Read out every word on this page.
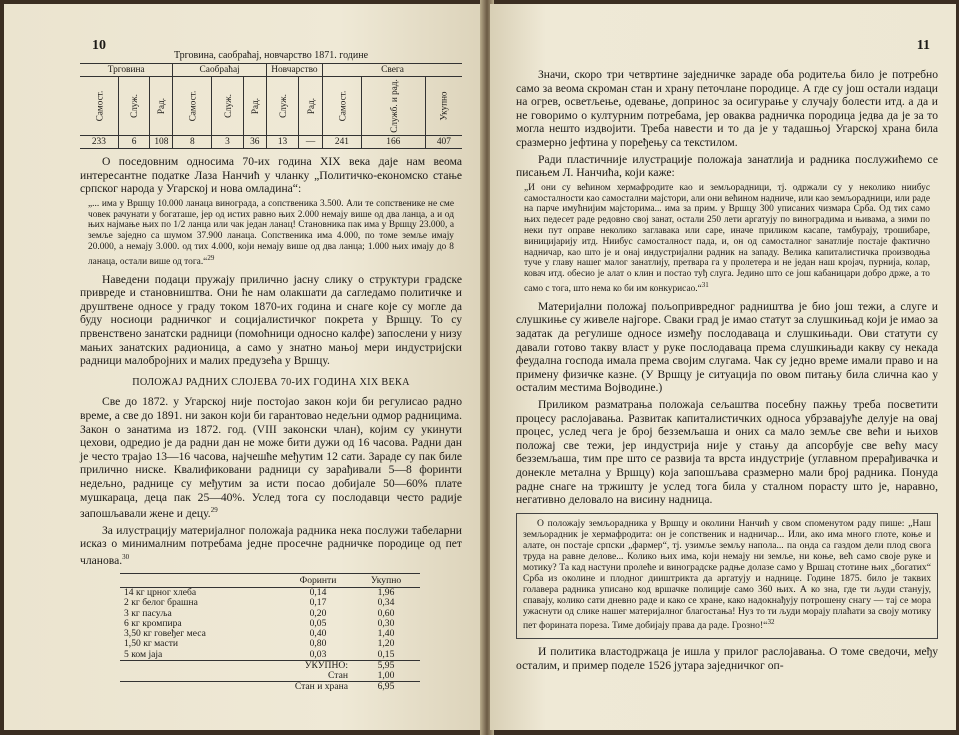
10
Трговина, саобраћај, новчарство 1871. године
Трговина			Саобраћај			Новчарство		Свега		
Самост.	Служ.	Рад.	Самост.	Служ.	Рад.	Служ.	Рад.	Самост.	Служб. и рад.	Укупно
233	6	108	8	3	36	13	—	241	166	407

О поседовним односима 70-их година XIX века даје нам веома интересантне податке Лаза Нанчић у чланку „Политичко-економско стање српског народа у Угарској и нова омладина“:

„... има у Вршцу 10.000 ланаца винограда, а сопственика 3.500. Али те сопственике не сме човек рачунати у богаташе, јер од истих равно њих 2.000 немају више од два ланца, а и од њих најмање њих по 1/2 ланца или чак један ланац! Становника пак има у Вршцу 23.000, а земље заједно са шумом 37.900 ланаца. Сопственика има 4.000, по томе земље имају 20.000, а немају 3.000. од тих 4.000, који немају више од два ланца; 1.000 њих имају до 8 ланаца, остали више од тога.“$^{29}$

Наведени подаци пружају прилично јасну слику о структури градске привреде и становништва. Они ће нам олакшати да сагледамо политичке и друштвене односе у граду током 1870-их година и снаге које су могле да буду носиоци радничког и социјалистичког покрета у Вршцу. То су првенствено занатски радници (помоћници односно калфе) запослени у низу мањих занатских радионица, а само у знатно мањој мери индустријски радници малобројних и малих предузећа у Вршцу.

ПОЛОЖАЈ РАДНИХ СЛОЈЕВА 70-ИХ ГОДИНА XIX ВЕКА

Све до 1872. у Угарској није постојао закон који би регулисао радно време, а све до 1891. ни закон који би гарантовао недељни одмор радницима. Закон о занатима из 1872. год. (VIII законски члан), којим су укинути цехови, одредио је да радни дан не може бити дужи од 16 часова. Радни дан је често трајао 13—16 часова, најчешће међутим 12 сати. Зараде су пак биле прилично ниске. Квалификовани радници су зарађивали 5—8 форинти недељно, раднице су међутим за исти посао добијале 50—60% плате мушкараца, деца пак 25—40%. Услед тога су послодавци често радије запошљавали жене и децу.$^{29}$

За илустрацију материјалног положаја радника нека послужи табеларни исказ о минималним потребама једне просечне радничке породице од пет чланова.$^{30}$

	Форинти	Укупно
14 кг црног хлеба	0,14	1,96
2 кг белог брашна	0,17	0,34
3 кг пасуља	0,20	0,60
6 кг кромпира	0,05	0,30
3,50 кг говеђег меса	0,40	1,40
1,50 кг масти	0,80	1,20
5 ком јаја	0,03	0,15
УКУПНО:		5,95
Стан		1,00
Стан и храна		6,95
11

Значи, скоро три четвртине заједничке зараде оба родитеља било је потребно само за веома скроман стан и храну петочлане породице. А где су још остали издаци на огрев, осветљење, одевање, допринос за осигурање у случају болести итд. а да и не говоримо о културним потребама, јер оваква радничка породица једва да је за то могла нешто издвојити. Треба навести и то да је у тадашњој Угарској храна била сразмерно јефтина у поређењу са текстилом.

Ради пластичније илустрације положаја занатлија и радника послужићемо се писањем Л. Нанчића, који каже:

„И они су већином хермафродите као и земљорадници, тј. одржали су у неколико ниибус самосталности као самостални мајстори, али они већином надниче, или као земљорадници, или раде на парче имућнијим мајсторима... има за прим. у Вршцу 300 уписаних чизмара Срба. Од тих само њих педесет раде редовно свој занат, остали 250 лети аргатују по виноградима и њивама, а зими по неки пут оправе неколико заглавака или саре, иначе приликом касапе, тамбурају, трошибаре, виницијарију итд. Ниибус самосталност пада, и, он од самосталног занатлије постаје фактично надничар, као што је и онај индустријални радник на западу. Велика капиталистичка производња туче у главу нашег малог занатлију, претвара га у пролетера и не један наш кројач, пурнија, колар, ковач итд. обесио је алат о клин и постао туђ слуга. Једино што се још кабаницари добро држе, а то само с тога, што нема ко би им конкурисао.“$^{31}$

Материјални положај пољопривредног радништва је био још тежи, а слуге и слушкиње су живеле најгоре. Сваки град је имао статут за слушкињад који је имао за задатак да регулише односе између послодаваца и слушкињади. Ови статути су давали готово такву власт у руке послодаваца према слушкињади какву су некада феудална господа имала према својим слугама. Чак су једно време имали право и на примену физичке казне. (У Вршцу је ситуација по овом питању била слична као у осталим местима Војводине.)

Приликом разматрања положаја сељаштва посебну пажњу треба посветити процесу раслојавања. Развитак капиталистичких односа убрзавајуће делује на овај процес, услед чега је број безземљаша и оних са мало земље све већи и њихов положај све тежи, јер индустрија није у стању да апсорбује све већу масу безземљаша, тим пре што се развија та врста индустрије (углавном прерађивачка и донекле метална у Вршцу) која запошљава сразмерно мали број радника. Понуда радне снаге на тржишту је услед тога била у сталном порасту што је, наравно, негативно деловало на висину надница.

О положају земљорадника у Вршцу и околини Нанчић у свом споменутом раду пише: „Наш земљорадник је хермафродита: он је сопственик и надничар... Или, ако има много глоте, коње и алате, он постаје српски „фармер“, тј. узимље земљу напола... па онда са газдом дели плод свога труда на равне делове... Колико њих има, који немају ни земље, ни коње, већ само своје руке и мотику? Та кад настуни пролеће и виноградске радње долазе само у Вршац стотине њих „богатих“ Срба из околине и плодног дииштрикта да аргатују и наднице. Године 1875. било је таквих голаверa радника уписано код вршачке полиције само 360 њих. А ко зна, где ти људи станују, спавају, колико сати дневно раде и како се хране, како надокнађују потрошену снагу — тај се мора ужаснути од слике нашег материјалног благостања! Нуз то ти људи морају плаћати за своју мотику пет форината пореза. Тиме добијају права да раде. Грозно!“$^{32}$

И политика властодржаца је ишла у прилог раслојавања. О томе сведочи, међу осталим, и пример поделе 1526 јутара заједничког оп-
